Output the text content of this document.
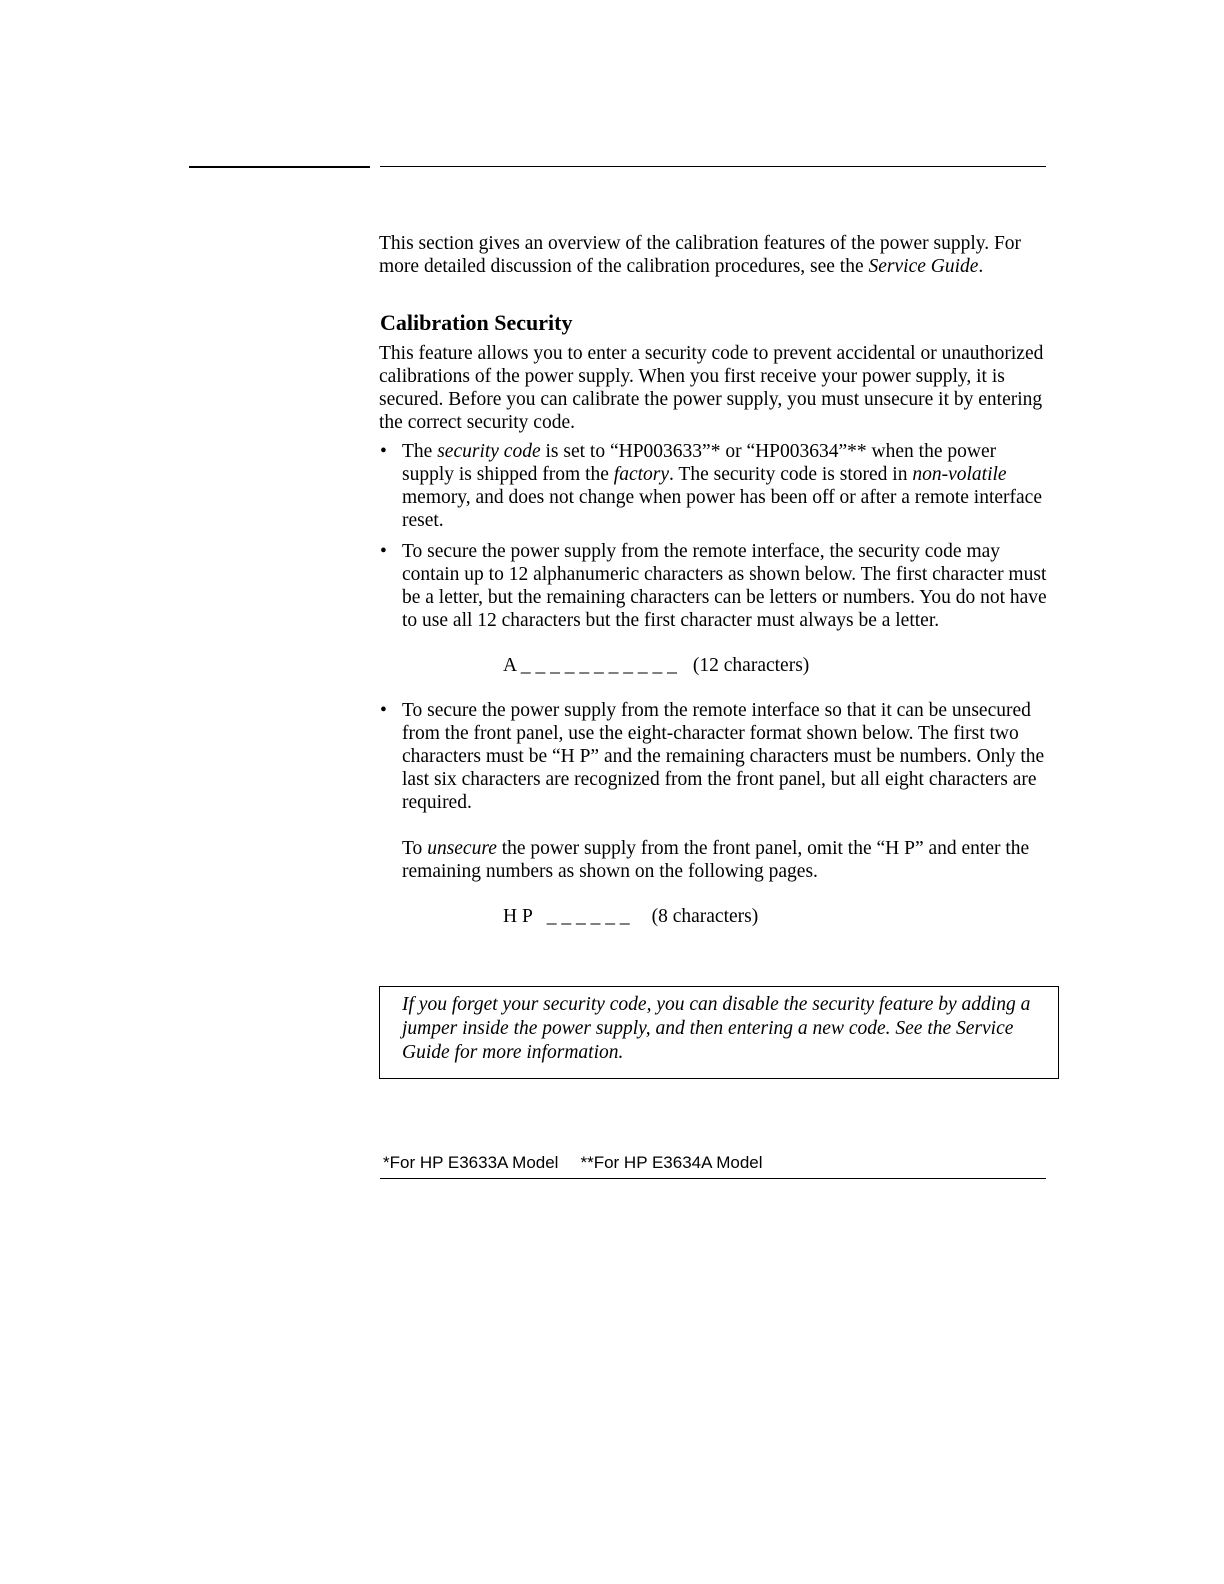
This section gives an overview of the calibration features of the power supply. For more detailed discussion of the calibration procedures, see the Service Guide.

Calibration Security

This feature allows you to enter a security code to prevent accidental or unauthorized calibrations of the power supply. When you first receive your power supply, it is secured. Before you can calibrate the power supply, you must unsecure it by entering the correct security code.

• The security code is set to “HP003633”* or “HP003634”** when the power supply is shipped from the factory. The security code is stored in non-volatile memory, and does not change when power has been off or after a remote interface reset.
• To secure the power supply from the remote interface, the security code may contain up to 12 alphanumeric characters as shown below. The first character must be a letter, but the remaining characters can be letters or numbers. You do not have to use all 12 characters but the first character must always be a letter.
A _ _ _ _ _ _ _ _ _ _ _ (12 characters)
• To secure the power supply from the remote interface so that it can be unsecured from the front panel, use the eight-character format shown below. The first two characters must be “H P” and the remaining characters must be numbers. Only the last six characters are recognized from the front panel, but all eight characters are required.

To unsecure the power supply from the front panel, omit the “H P” and enter the remaining numbers as shown on the following pages.

H P   _ _ _ _ _ _ (8 characters)
If you forget your security code, you can disable the security feature by adding a jumper inside the power supply, and then entering a new code. See the Service Guide for more information.
*For HP E3633A Model **For HP E3634A Model
